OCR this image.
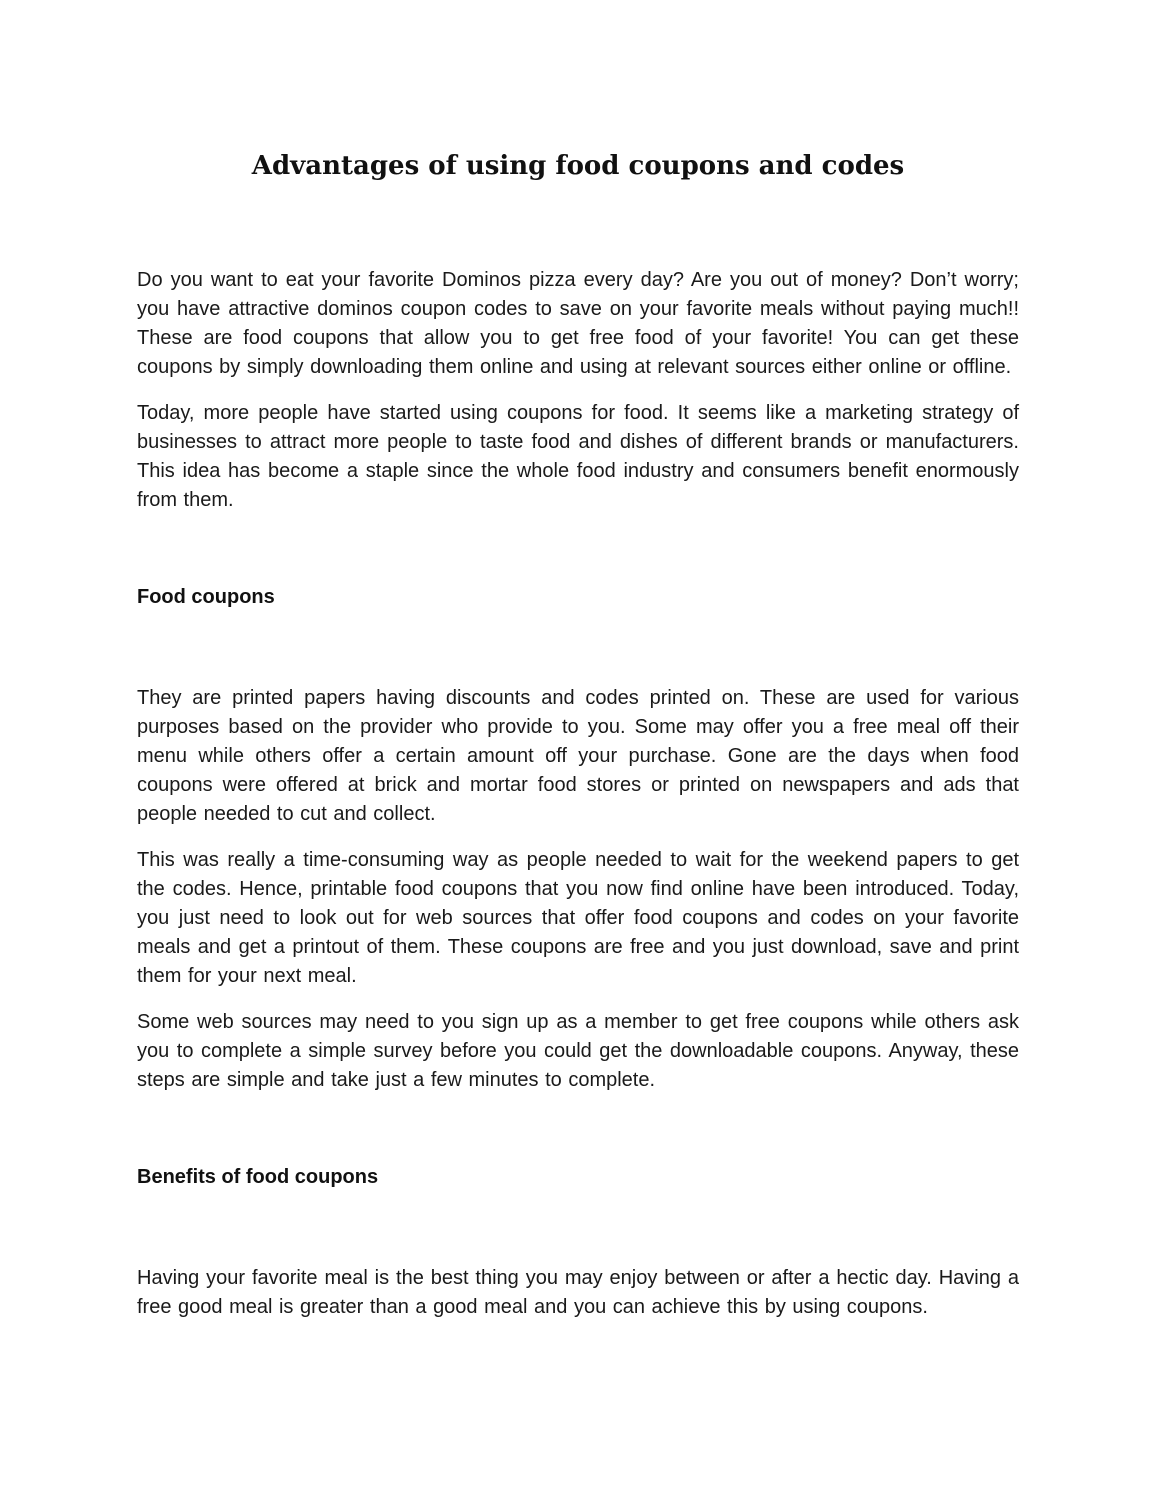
Advantages of using food coupons and codes

Do you want to eat your favorite Dominos pizza every day? Are you out of money? Don’t worry; you have attractive dominos coupon codes to save on your favorite meals without paying much!! These are food coupons that allow you to get free food of your favorite! You can get these coupons by simply downloading them online and using at relevant sources either online or offline.

Today, more people have started using coupons for food. It seems like a marketing strategy of businesses to attract more people to taste food and dishes of different brands or manufacturers. This idea has become a staple since the whole food industry and consumers benefit enormously from them.

Food coupons

They are printed papers having discounts and codes printed on. These are used for various purposes based on the provider who provide to you. Some may offer you a free meal off their menu while others offer a certain amount off your purchase. Gone are the days when food coupons were offered at brick and mortar food stores or printed on newspapers and ads that people needed to cut and collect.

This was really a time-consuming way as people needed to wait for the weekend papers to get the codes. Hence, printable food coupons that you now find online have been introduced. Today, you just need to look out for web sources that offer food coupons and codes on your favorite meals and get a printout of them. These coupons are free and you just download, save and print them for your next meal.

Some web sources may need to you sign up as a member to get free coupons while others ask you to complete a simple survey before you could get the downloadable coupons. Anyway, these steps are simple and take just a few minutes to complete.

Benefits of food coupons

Having your favorite meal is the best thing you may enjoy between or after a hectic day. Having a free good meal is greater than a good meal and you can achieve this by using coupons.
